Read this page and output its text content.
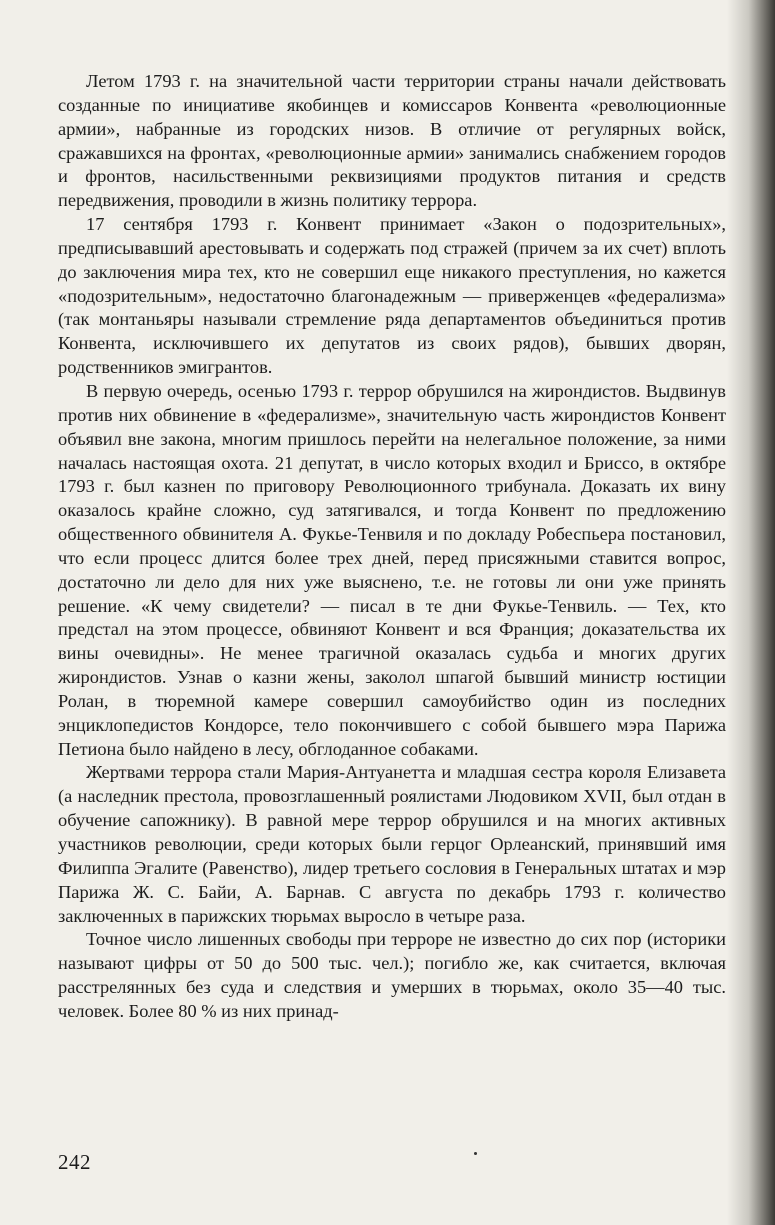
Летом 1793 г. на значительной части территории страны начали действовать созданные по инициативе якобинцев и комиссаров Конвента «революционные армии», набранные из городских низов. В отличие от регулярных войск, сражавшихся на фронтах, «революционные армии» занимались снабжением городов и фронтов, насильственными реквизициями продуктов питания и средств передвижения, проводили в жизнь политику террора.

17 сентября 1793 г. Конвент принимает «Закон о подозрительных», предписывавший арестовывать и содержать под стражей (причем за их счет) вплоть до заключения мира тех, кто не совершил еще никакого преступления, но кажется «подозрительным», недостаточно благонадежным — приверженцев «федерализма» (так монтаньяры называли стремление ряда департаментов объединиться против Конвента, исключившего их депутатов из своих рядов), бывших дворян, родственников эмигрантов.

В первую очередь, осенью 1793 г. террор обрушился на жирондистов. Выдвинув против них обвинение в «федерализме», значительную часть жирондистов Конвент объявил вне закона, многим пришлось перейти на нелегальное положение, за ними началась настоящая охота. 21 депутат, в число которых входил и Бриссо, в октябре 1793 г. был казнен по приговору Революционного трибунала. Доказать их вину оказалось крайне сложно, суд затягивался, и тогда Конвент по предложению общественного обвинителя А. Фукье-Тенвиля и по докладу Робеспьера постановил, что если процесс длится более трех дней, перед присяжными ставится вопрос, достаточно ли дело для них уже выяснено, т.е. не готовы ли они уже принять решение. «К чему свидетели? — писал в те дни Фукье-Тенвиль. — Тех, кто предстал на этом процессе, обвиняют Конвент и вся Франция; доказательства их вины очевидны». Не менее трагичной оказалась судьба и многих других жирондистов. Узнав о казни жены, заколол шпагой бывший министр юстиции Ролан, в тюремной камере совершил самоубийство один из последних энциклопедистов Кондорсе, тело покончившего с собой бывшего мэра Парижа Петиона было найдено в лесу, обглоданное собаками.

Жертвами террора стали Мария-Антуанетта и младшая сестра короля Елизавета (а наследник престола, провозглашенный роялистами Людовиком XVII, был отдан в обучение сапожнику). В равной мере террор обрушился и на многих активных участников революции, среди которых были герцог Орлеанский, принявший имя Филиппа Эгалите (Равенство), лидер третьего сословия в Генеральных штатах и мэр Парижа Ж. С. Байи, А. Барнав. С августа по декабрь 1793 г. количество заключенных в парижских тюрьмах выросло в четыре раза.

Точное число лишенных свободы при терроре не известно до сих пор (историки называют цифры от 50 до 500 тыс. чел.); погибло же, как считается, включая расстрелянных без суда и следствия и умерших в тюрьмах, около 35—40 тыс. человек. Более 80 % из них принад-

242
